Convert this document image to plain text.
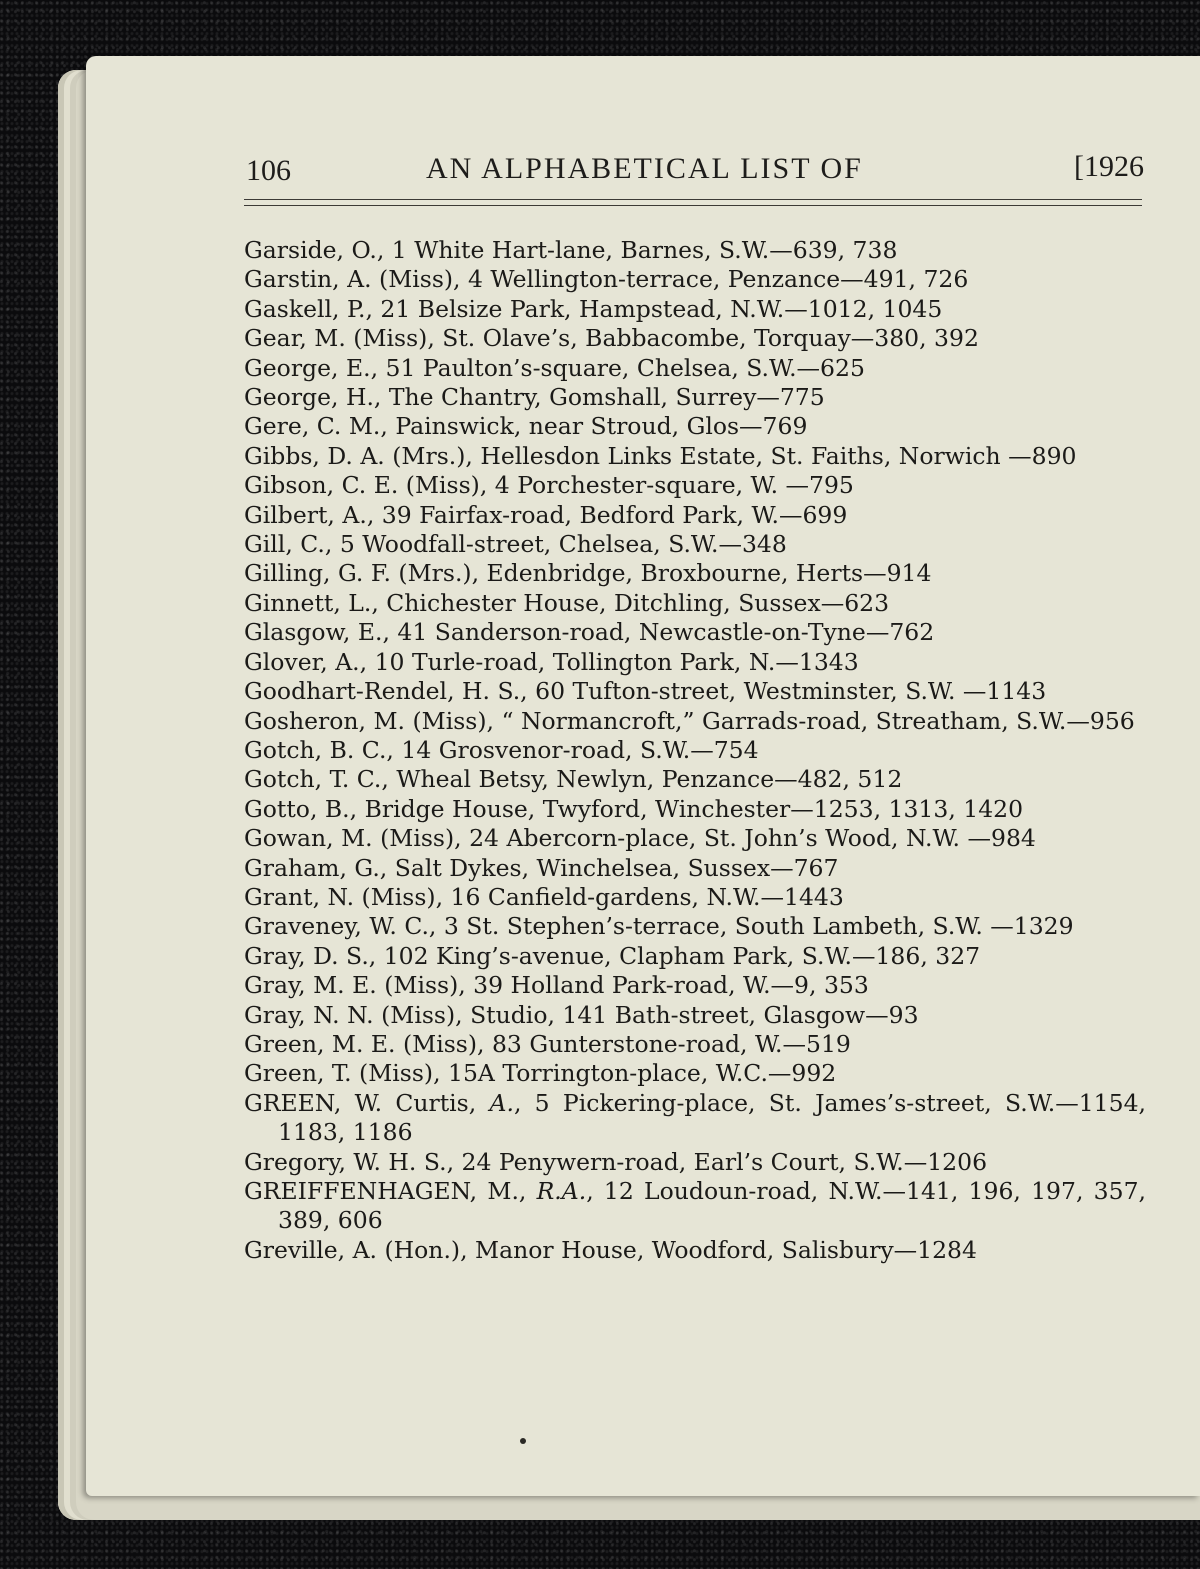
106	AN ALPHABETICAL LIST OF	[1926
Garside, O., 1 White Hart-lane, Barnes, S.W.—639, 738
Garstin, A. (Miss), 4 Wellington-terrace, Penzance—491, 726
Gaskell, P., 21 Belsize Park, Hampstead, N.W.—1012, 1045
Gear, M. (Miss), St. Olave’s, Babbacombe, Torquay—380, 392
George, E., 51 Paulton’s-square, Chelsea, S.W.—625
George, H., The Chantry, Gomshall, Surrey—775
Gere, C. M., Painswick, near Stroud, Glos—769
Gibbs, D. A. (Mrs.), Hellesdon Links Estate, St. Faiths, Norwich —890
Gibson, C. E. (Miss), 4 Porchester-square, W. —795
Gilbert, A., 39 Fairfax-road, Bedford Park, W.—699
Gill, C., 5 Woodfall-street, Chelsea, S.W.—348
Gilling, G. F. (Mrs.), Edenbridge, Broxbourne, Herts—914
Ginnett, L., Chichester House, Ditchling, Sussex—623
Glasgow, E., 41 Sanderson-road, Newcastle-on-Tyne—762
Glover, A., 10 Turle-road, Tollington Park, N.—1343
Goodhart-Rendel, H. S., 60 Tufton-street, Westminster, S.W. —1143
Gosheron, M. (Miss), “ Normancroft,” Garrads-road, Streatham, S.W.—956
Gotch, B. C., 14 Grosvenor-road, S.W.—754
Gotch, T. C., Wheal Betsy, Newlyn, Penzance—482, 512
Gotto, B., Bridge House, Twyford, Winchester—1253, 1313, 1420
Gowan, M. (Miss), 24 Abercorn-place, St. John’s Wood, N.W. —984
Graham, G., Salt Dykes, Winchelsea, Sussex—767
Grant, N. (Miss), 16 Canfield-gardens, N.W.—1443
Graveney, W. C., 3 St. Stephen’s-terrace, South Lambeth, S.W. —1329
Gray, D. S., 102 King’s-avenue, Clapham Park, S.W.—186, 327
Gray, M. E. (Miss), 39 Holland Park-road, W.—9, 353
Gray, N. N. (Miss), Studio, 141 Bath-street, Glasgow—93
Green, M. E. (Miss), 83 Gunterstone-road, W.—519
Green, T. (Miss), 15A Torrington-place, W.C.—992
GREEN, W. Curtis, A., 5 Pickering-place, St. James’s-street, S.W.—1154, 1183, 1186
Gregory, W. H. S., 24 Penywern-road, Earl’s Court, S.W.—1206
GREIFFENHAGEN, M., R.A., 12 Loudoun-road, N.W.—141, 196, 197, 357, 389, 606
Greville, A. (Hon.), Manor House, Woodford, Salisbury—1284
